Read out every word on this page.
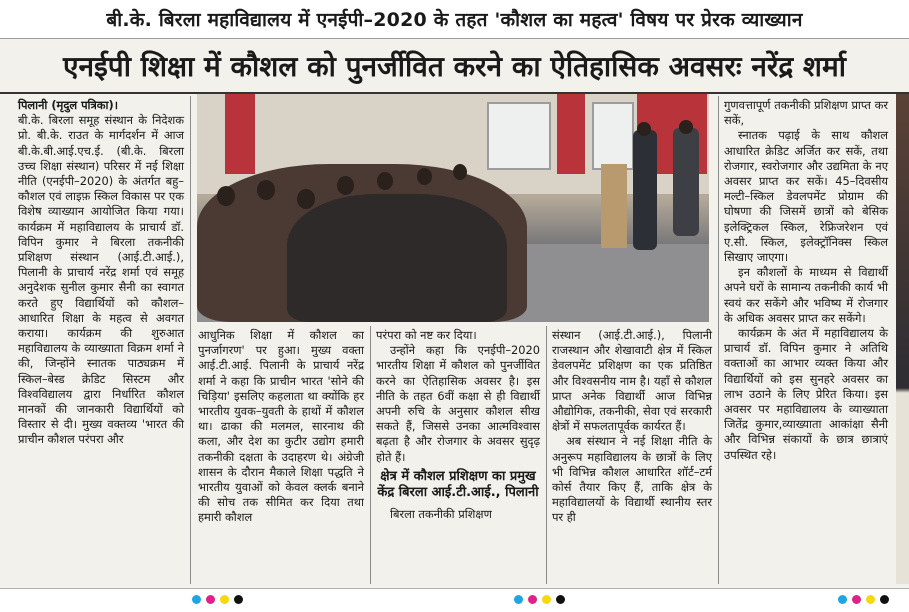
बी.के. बिरला महाविद्यालय में एनईपी–2020 के तहत 'कौशल का महत्व' विषय पर प्रेरक व्याख्यान
एनईपी शिक्षा में कौशल को पुनर्जीवित करने का ऐतिहासिक अवसरः नरेंद्र शर्मा

पिलानी (मृदुल पत्रिका)।

बी.के. बिरला समूह संस्थान के निदेशक प्रो. बी.के. राउत के मार्गदर्शन में आज बी.के.बी.आई.एच.ई. (बी.के. बिरला उच्च शिक्षा संस्थान) परिसर में नई शिक्षा नीति (एनईपी–2020) के अंतर्गत बहु–कौशल एवं लाइफ़ स्किल विकास पर एक विशेष व्याख्यान आयोजित किया गया। कार्यक्रम में महाविद्यालय के प्राचार्य डॉ. विपिन कुमार ने बिरला तकनीकी प्रशिक्षण संस्थान (आई.टी.आई.), पिलानी के प्राचार्य नरेंद्र शर्मा एवं समूह अनुदेशक सुनील कुमार सैनी का स्वागत करते हुए विद्यार्थियों को कौशल–आधारित शिक्षा के महत्व से अवगत कराया। कार्यक्रम की शुरुआत महाविद्यालय के व्याख्याता विक्रम शर्मा ने की, जिन्होंने स्नातक पाठ्यक्रम में स्किल–बेस्ड क्रेडिट सिस्टम और विश्वविद्यालय द्वारा निर्धारित कौशल मानकों की जानकारी विद्यार्थियों को विस्तार से दी। मुख्य वक्तव्य 'भारत की प्राचीन कौशल परंपरा और

आधुनिक शिक्षा में कौशल का पुनर्जागरण' पर हुआ। मुख्य वक्ता आई.टी.आई. पिलानी के प्राचार्य नरेंद्र शर्मा ने कहा कि प्राचीन भारत 'सोने की चिड़िया' इसलिए कहलाता था क्योंकि हर भारतीय युवक–युवती के हाथों में कौशल था। ढाका की मलमल, सारनाथ की कला, और देश का कुटीर उद्योग हमारी तकनीकी दक्षता के उदाहरण थे। अंग्रेजी शासन के दौरान मैकाले शिक्षा पद्धति ने भारतीय युवाओं को केवल क्लर्क बनाने की सोच तक सीमित कर दिया तथा हमारी कौशल

परंपरा को नष्ट कर दिया।

उन्होंने कहा कि एनईपी–2020 भारतीय शिक्षा में कौशल को पुनर्जीवित करने का ऐतिहासिक अवसर है। इस नीति के तहत 6वीं कक्षा से ही विद्यार्थी अपनी रुचि के अनुसार कौशल सीख सकते हैं, जिससे उनका आत्मविश्वास बढ़ता है और रोजगार के अवसर सुदृढ़ होते हैं।

क्षेत्र में कौशल प्रशिक्षण का प्रमुख केंद्र बिरला आई.टी.आई., पिलानी

बिरला तकनीकी प्रशिक्षण

संस्थान (आई.टी.आई.), पिलानी राजस्थान और शेखावाटी क्षेत्र में स्किल डेवलपमेंट प्रशिक्षण का एक प्रतिष्ठित और विश्वसनीय नाम है। यहाँ से कौशल प्राप्त अनेक विद्यार्थी आज विभिन्न औद्योगिक, तकनीकी, सेवा एवं सरकारी क्षेत्रों में सफलतापूर्वक कार्यरत हैं।

अब संस्थान ने नई शिक्षा नीति के अनुरूप महाविद्यालय के छात्रों के लिए भी विभिन्न कौशल आधारित शॉर्ट–टर्म कोर्स तैयार किए हैं, ताकि क्षेत्र के महाविद्यालयों के विद्यार्थी स्थानीय स्तर पर ही

गुणवत्तापूर्ण तकनीकी प्रशिक्षण प्राप्त कर सकें,

स्नातक पढ़ाई के साथ कौशल आधारित क्रेडिट अर्जित कर सकें, तथा रोजगार, स्वरोजगार और उद्यमिता के नए अवसर प्राप्त कर सकें। 45–दिवसीय मल्टी–स्किल डेवलपमेंट प्रोग्राम की घोषणा की जिसमें छात्रों को बेसिक इलेक्ट्रिकल स्किल, रेफ्रिजरेशन एवं ए.सी. स्किल, इलेक्ट्रॉनिक्स स्किल सिखाए जाएगा।

इन कौशलों के माध्यम से विद्यार्थी अपने घरों के सामान्य तकनीकी कार्य भी स्वयं कर सकेंगे और भविष्य में रोजगार के अधिक अवसर प्राप्त कर सकेंगे।

कार्यक्रम के अंत में महाविद्यालय के प्राचार्य डॉ. विपिन कुमार ने अतिथि वक्ताओं का आभार व्यक्त किया और विद्यार्थियों को इस सुनहरे अवसर का लाभ उठाने के लिए प्रेरित किया। इस अवसर पर महाविद्यालय के व्याख्याता जितेंद्र कुमार,व्याख्याता आकांक्षा सैनी और विभिन्न संकायों के छात्र छात्राएं उपस्थित रहे।
